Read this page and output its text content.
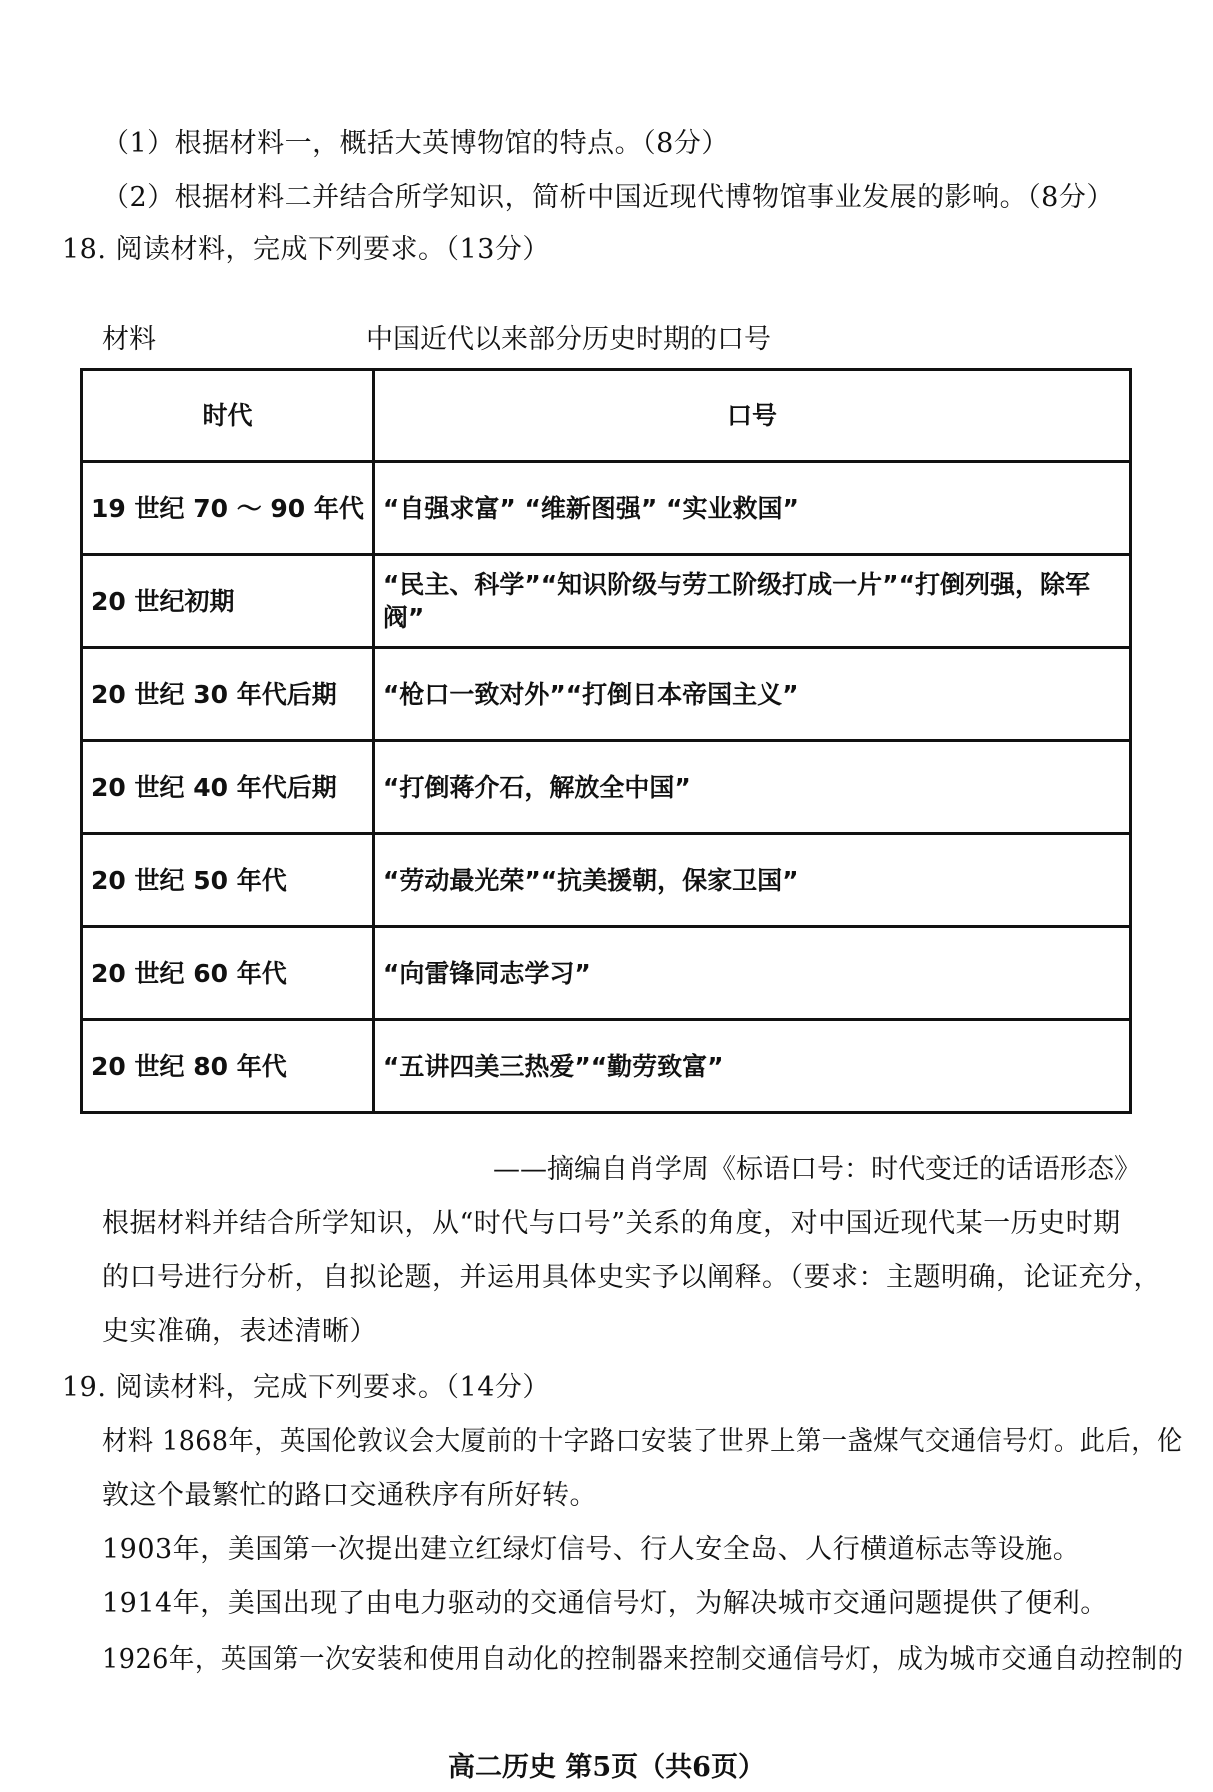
（1）根据材料一，概括大英博物馆的特点。（8分）
（2）根据材料二并结合所学知识，简析中国近现代博物馆事业发展的影响。（8分）
18. 阅读材料，完成下列要求。（13分）
材料	中国近代以来部分历史时期的口号
时代	口号
19 世纪 70 ～ 90 年代	“自强求富” “维新图强” “实业救国”
20 世纪初期	“民主、科学”“知识阶级与劳工阶级打成一片”“打倒列强，除军阀”
20 世纪 30 年代后期	“枪口一致对外”“打倒日本帝国主义”
20 世纪 40 年代后期	“打倒蒋介石，解放全中国”
20 世纪 50 年代	“劳动最光荣”“抗美援朝，保家卫国”
20 世纪 60 年代	“向雷锋同志学习”
20 世纪 80 年代	“五讲四美三热爱”“勤劳致富”
——摘编自肖学周《标语口号：时代变迁的话语形态》
根据材料并结合所学知识，从“时代与口号”关系的角度，对中国近现代某一历史时期
的口号进行分析，自拟论题，并运用具体史实予以阐释。（要求：主题明确，论证充分，
史实准确，表述清晰）
19. 阅读材料，完成下列要求。（14分）
材料 1868年，英国伦敦议会大厦前的十字路口安装了世界上第一盏煤气交通信号灯。此后，伦
敦这个最繁忙的路口交通秩序有所好转。
1903年，美国第一次提出建立红绿灯信号、行人安全岛、人行横道标志等设施。
1914年，美国出现了由电力驱动的交通信号灯，为解决城市交通问题提供了便利。
1926年，英国第一次安装和使用自动化的控制器来控制交通信号灯，成为城市交通自动控制的
高二历史 第5页（共6页）
